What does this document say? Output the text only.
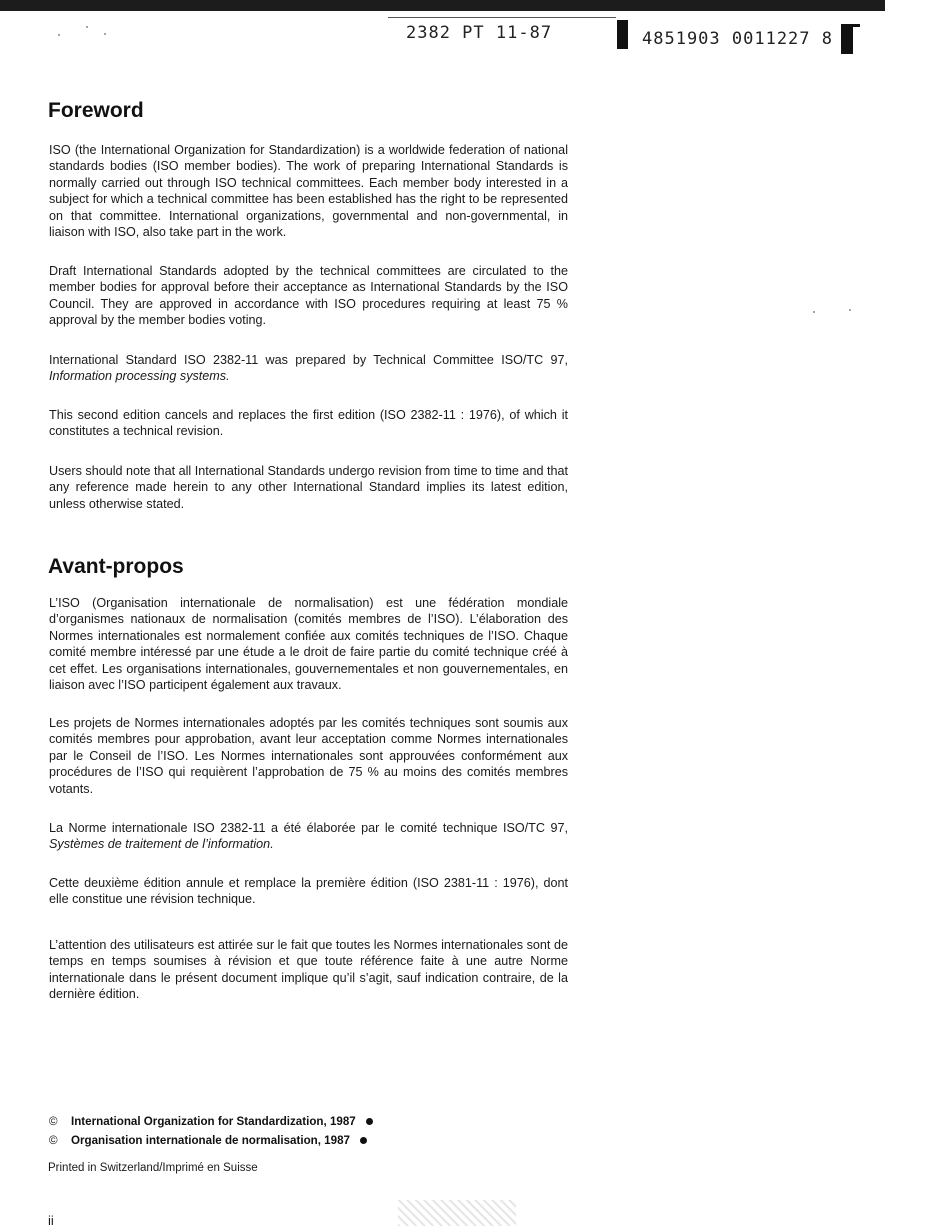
2382 PT 11-87	4851903 0011227 8
Foreword

ISO (the International Organization for Standardization) is a worldwide federation of national standards bodies (ISO member bodies). The work of preparing International Standards is normally carried out through ISO technical committees. Each member body interested in a subject for which a technical committee has been established has the right to be represented on that committee. International organizations, governmental and non-governmental, in liaison with ISO, also take part in the work.

Draft International Standards adopted by the technical committees are circulated to the member bodies for approval before their acceptance as International Standards by the ISO Council. They are approved in accordance with ISO procedures requiring at least 75 % approval by the member bodies voting.

International Standard ISO 2382-11 was prepared by Technical Committee ISO/TC 97, Information processing systems.

This second edition cancels and replaces the first edition (ISO 2382-11 : 1976), of which it constitutes a technical revision.

Users should note that all International Standards undergo revision from time to time and that any reference made herein to any other International Standard implies its latest edition, unless otherwise stated.

Avant-propos

L’ISO (Organisation internationale de normalisation) est une fédération mondiale d’organismes nationaux de normalisation (comités membres de l’ISO). L’élaboration des Normes internationales est normalement confiée aux comités techniques de l’ISO. Chaque comité membre intéressé par une étude a le droit de faire partie du comité technique créé à cet effet. Les organisations internationales, gouvernementales et non gouvernementales, en liaison avec l’ISO participent également aux travaux.

Les projets de Normes internationales adoptés par les comités techniques sont soumis aux comités membres pour approbation, avant leur acceptation comme Normes internationales par le Conseil de l’ISO. Les Normes internationales sont approuvées conformément aux procédures de l’ISO qui requièrent l’approbation de 75 % au moins des comités membres votants.

La Norme internationale ISO 2382-11 a été élaborée par le comité technique ISO/TC 97, Systèmes de traitement de l’information.

Cette deuxième édition annule et remplace la première édition (ISO 2381-11 : 1976), dont elle constitue une révision technique.

L’attention des utilisateurs est attirée sur le fait que toutes les Normes internationales sont de temps en temps soumises à révision et que toute référence faite à une autre Norme internationale dans le présent document implique qu’il s’agit, sauf indication contraire, de la dernière édition.

© International Organization for Standardization, 1987
© Organisation internationale de normalisation, 1987
Printed in Switzerland/Imprimé en Suisse
ii
